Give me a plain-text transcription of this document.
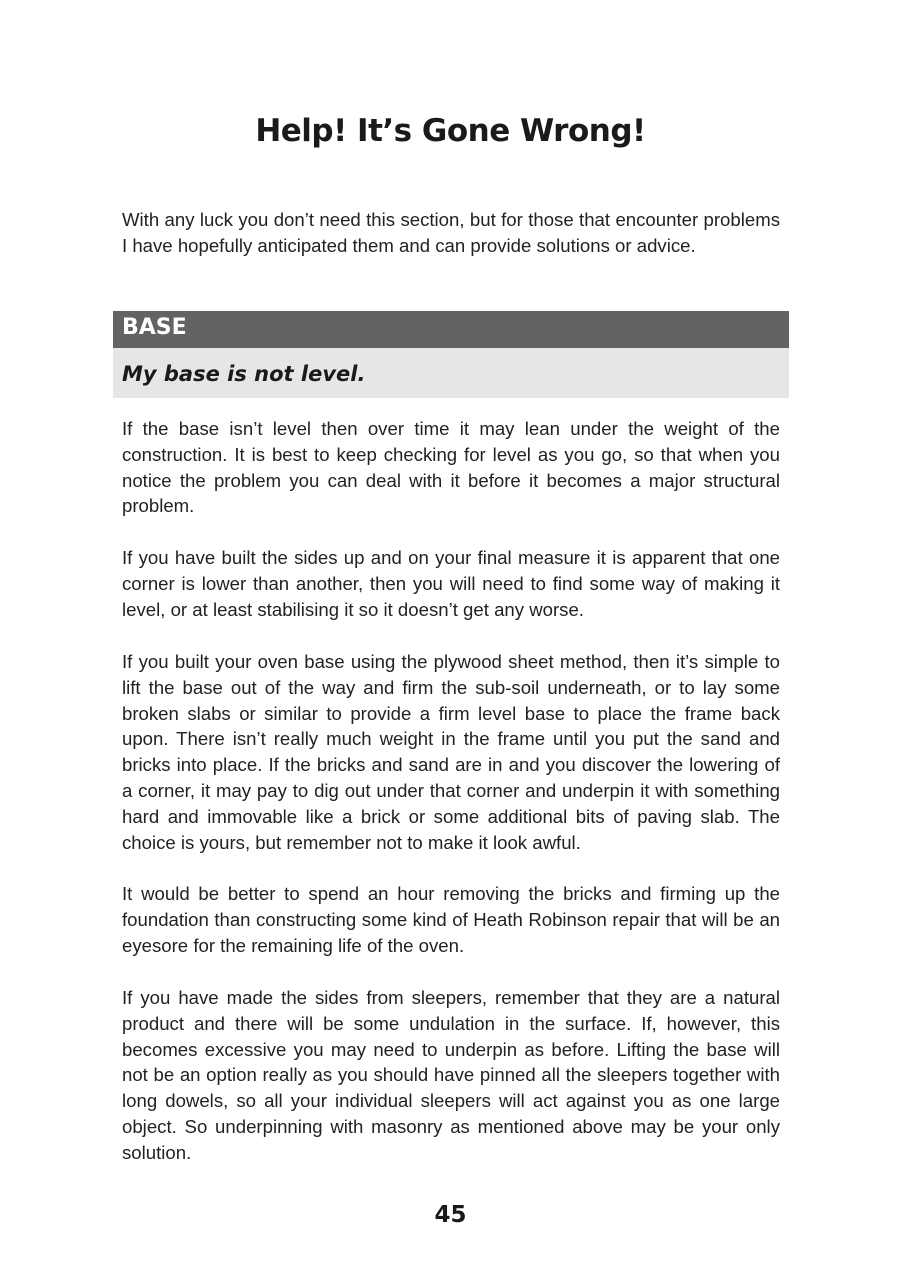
Help! It’s Gone Wrong!

With any luck you don’t need this section, but for those that encounter problems I have hopefully anticipated them and can provide solutions or advice.

BASE
My base is not level.

If the base isn’t level then over time it may lean under the weight of the construction. It is best to keep checking for level as you go, so that when you notice the problem you can deal with it before it becomes a major structural problem.

If you have built the sides up and on your final measure it is apparent that one corner is lower than another, then you will need to find some way of making it level, or at least stabilising it so it doesn’t get any worse.

If you built your oven base using the plywood sheet method, then it’s simple to lift the base out of the way and firm the sub-soil underneath, or to lay some broken slabs or similar to provide a firm level base to place the frame back upon. There isn’t really much weight in the frame until you put the sand and bricks into place. If the bricks and sand are in and you discover the lowering of a corner, it may pay to dig out under that corner and underpin it with something hard and immovable like a brick or some additional bits of paving slab. The choice is yours, but remember not to make it look awful.

It would be better to spend an hour removing the bricks and firming up the foundation than constructing some kind of Heath Robinson repair that will be an eyesore for the remaining life of the oven.

If you have made the sides from sleepers, remember that they are a natural product and there will be some undulation in the surface. If, however, this becomes excessive you may need to underpin as before. Lifting the base will not be an option really as you should have pinned all the sleepers together with long dowels, so all your individual sleepers will act against you as one large object. So underpinning with masonry as mentioned above may be your only solution.

45
